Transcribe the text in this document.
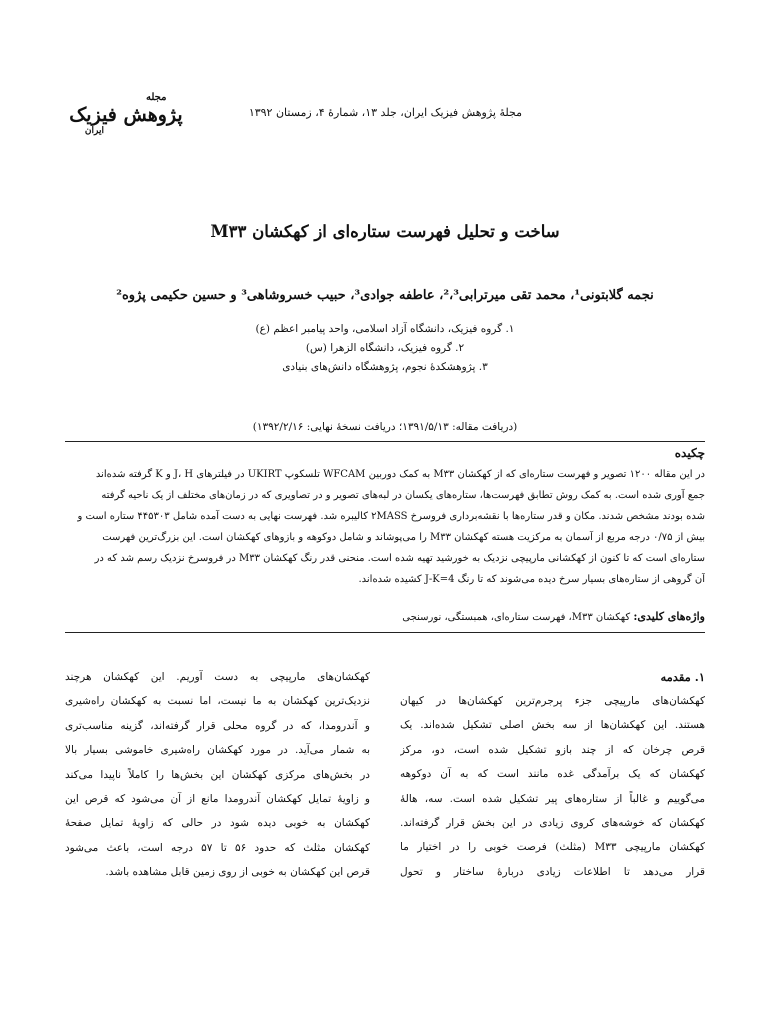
مجله
پژوهش فیزیک
ایران
مجلهٔ پژوهش فیزیک ایران، جلد ۱۳، شمارهٔ ۴، زمستان ۱۳۹۲
ساخت و تحلیل فهرست ستاره‌ای از کهکشان M۳۳
نجمه گلابتونی¹، محمد تقی میرترابی²،³، عاطفه جوادی³، حبیب خسروشاهی³ و حسین حکیمی پژوه²
۱. گروه فیزیک، دانشگاه آزاد اسلامی، واحد پیامبر اعظم (ع)
۲. گروه فیزیک، دانشگاه الزهرا (س)
۳. پژوهشکدهٔ نجوم، پژوهشگاه دانش‌های بنیادی
(دریافت مقاله: ۱۳۹۱/۵/۱۳؛ دریافت نسخهٔ نهایی: ۱۳۹۲/۲/۱۶)
چکیده
در این مقاله ۱۲۰۰ تصویر و فهرست ستاره‌ای که از کهکشان M۳۳ به کمک دوربین WFCAM تلسکوپ UKIRT در فیلترهای J، H و K گرفته شده‌اند
جمع آوری شده است. به کمک روش تطابق فهرست‌ها، ستاره‌های یکسان در لبه‌های تصویر و در تصاویری که در زمان‌های مختلف از یک ناحیه گرفته
شده بودند مشخص شدند. مکان و قدر ستاره‌ها با نقشه‌برداری فروسرخ ۲MASS کالیبره شد. فهرست نهایی به دست آمده شامل ۴۴۵۳۰۳ ستاره است و
بیش از ۰/۷۵ درجه مربع از آسمان به مرکزیت هسته کهکشان M۳۳ را می‌پوشاند و شامل دوکوهه و بازوهای کهکشان است. این بزرگ‌ترین فهرست
ستاره‌ای است که تا کنون از کهکشانی مارپیچی نزدیک به خورشید تهیه شده است. منحنی قدر رنگ کهکشان M۳۳ در فروسرخ نزدیک رسم شد که در
آن گروهی از ستاره‌های بسیار سرخ دیده می‌شوند که تا رنگ J-K=4 کشیده شده‌اند.
واژه‌های کلیدی: کهکشان M۳۳، فهرست ستاره‌ای، همبستگی، نورسنجی
۱. مقدمه
کهکشان‌های مارپیچی جزء پرجرم‌ترین کهکشان‌ها در کیهان
هستند. این کهکشان‌ها از سه بخش اصلی تشکیل شده‌اند. یک
قرص چرخان که از چند بازو تشکیل شده است، دو، مرکز
کهکشان که یک برآمدگی غده مانند است که به آن دوکوهه
می‌گوییم و غالباً از ستاره‌های پیر تشکیل شده است. سه، هالهٔ
کهکشان که خوشه‌های کروی زیادی در این بخش قرار گرفته‌اند.
کهکشان مارپیچی M۳۳ (مثلث) فرصت خوبی را در اختیار ما
قرار می‌دهد تا اطلاعات زیادی دربارهٔ ساختار و تحول
کهکشان‌های مارپیچی به دست آوریم. این کهکشان هرچند
نزدیک‌ترین کهکشان به ما نیست، اما نسبت به کهکشان راه‌شیری
و آندرومدا، که در گروه محلی قرار گرفته‌اند، گزینه مناسب‌تری
به شمار می‌آید. در مورد کهکشان راه‌شیری خاموشی بسیار بالا
در بخش‌های مرکزی کهکشان این بخش‌ها را کاملاً ناپیدا می‌کند
و زاویهٔ تمایل کهکشان آندرومدا مانع از آن می‌شود که قرص این
کهکشان به خوبی دیده شود در حالی که زاویهٔ تمایل صفحهٔ
کهکشان مثلث که حدود ۵۶ تا ۵۷ درجه است، باعث می‌شود
قرص این کهکشان به خوبی از روی زمین قابل مشاهده باشد.
